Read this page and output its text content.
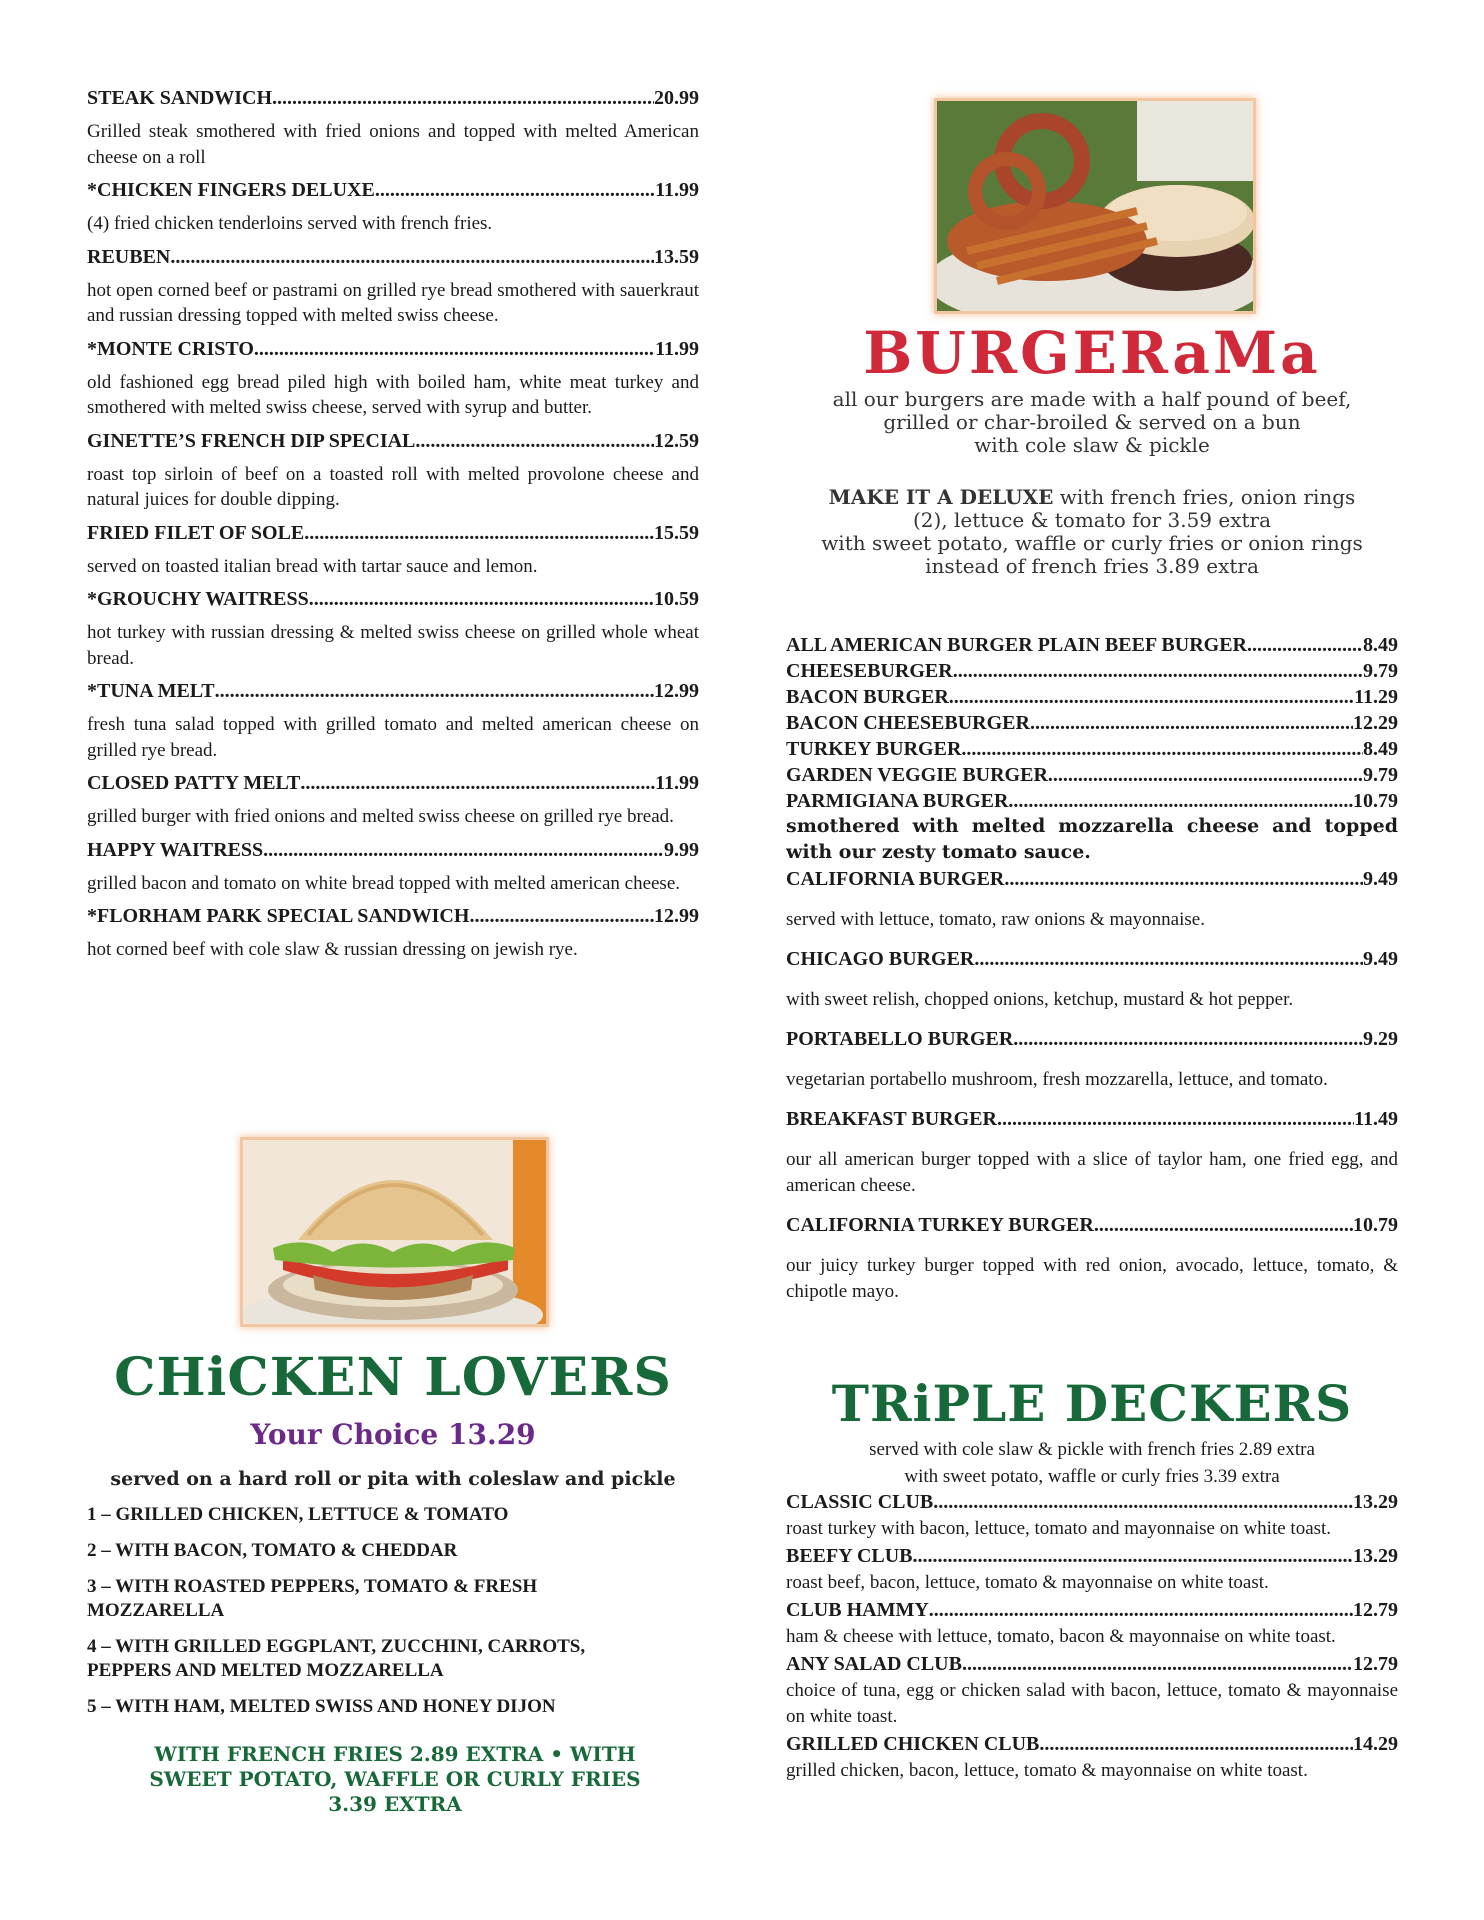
STEAK SANDWICH .....	20.99
Grilled steak smothered with fried onions and topped with melted American cheese on a roll
*CHICKEN FINGERS DELUXE .....	11.99
(4) fried chicken tenderloins served with french fries.
REUBEN .....	13.59
hot open corned beef or pastrami on grilled rye bread smothered with sauerkraut and russian dressing topped with melted swiss cheese.
*MONTE CRISTO .....	11.99
old fashioned egg bread piled high with boiled ham, white meat turkey and smothered with melted swiss cheese, served with syrup and butter.
GINETTE’S FRENCH DIP SPECIAL .....	12.59
roast top sirloin of beef on a toasted roll with melted provolone cheese and natural juices for double dipping.
FRIED FILET OF SOLE .....	15.59
served on toasted italian bread with tartar sauce and lemon.
*GROUCHY WAITRESS .....	10.59
hot turkey with russian dressing & melted swiss cheese on grilled whole wheat bread.
*TUNA MELT .....	12.99
fresh tuna salad topped with grilled tomato and melted american cheese on grilled rye bread.
CLOSED PATTY MELT .....	11.99
grilled burger with fried onions and melted swiss cheese on grilled rye bread.
HAPPY WAITRESS .....	9.99
grilled bacon and tomato on white bread topped with melted american cheese.
*FLORHAM PARK SPECIAL SANDWICH .....	12.99
hot corned beef with cole slaw & russian dressing on jewish rye.
CHiCKEN LOVERS
Your Choice 13.29
served on a hard roll or pita with coleslaw and pickle
1 – GRILLED CHICKEN, LETTUCE & TOMATO
2 – WITH BACON, TOMATO & CHEDDAR
3 – WITH ROASTED PEPPERS, TOMATO & FRESH MOZZARELLA
4 – WITH GRILLED EGGPLANT, ZUCCHINI, CARROTS, PEPPERS AND MELTED MOZZARELLA
5 – WITH HAM, MELTED SWISS AND HONEY DIJON
WITH FRENCH FRIES 2.89 EXTRA • WITH SWEET POTATO, WAFFLE OR CURLY FRIES 3.39 EXTRA
BURGERaMa
all our burgers are made with a half pound of beef,
grilled or char-broiled & served on a bun
with cole slaw & pickle
MAKE IT A DELUXE with french fries, onion rings
(2), lettuce & tomato for 3.59 extra
with sweet potato, waffle or curly fries or onion rings
instead of french fries 3.89 extra
ALL AMERICAN BURGER PLAIN BEEF BURGER .....	8.49
CHEESEBURGER .....	9.79
BACON BURGER .....	11.29
BACON CHEESEBURGER .....	12.29
TURKEY BURGER .....	8.49
GARDEN VEGGIE BURGER .....	9.79
PARMIGIANA BURGER .....	10.79
smothered with melted mozzarella cheese and topped with our zesty tomato sauce.
CALIFORNIA BURGER .....	9.49
served with lettuce, tomato, raw onions & mayonnaise.
CHICAGO BURGER .....	9.49
with sweet relish, chopped onions, ketchup, mustard & hot pepper.
PORTABELLO BURGER .....	9.29
vegetarian portabello mushroom, fresh mozzarella, lettuce, and tomato.
BREAKFAST BURGER .....	11.49
our all american burger topped with a slice of taylor ham, one fried egg, and american cheese.
CALIFORNIA TURKEY BURGER .....	10.79
our juicy turkey burger topped with red onion, avocado, lettuce, tomato, & chipotle mayo.
TRiPLE DECKERS
served with cole slaw & pickle with french fries 2.89 extra
with sweet potato, waffle or curly fries 3.39 extra
CLASSIC CLUB .....	13.29
roast turkey with bacon, lettuce, tomato and mayonnaise on white toast.
BEEFY CLUB .....	13.29
roast beef, bacon, lettuce, tomato & mayonnaise on white toast.
CLUB HAMMY .....	12.79
ham & cheese with lettuce, tomato, bacon & mayonnaise on white toast.
ANY SALAD CLUB .....	12.79
choice of tuna, egg or chicken salad with bacon, lettuce, tomato & mayonnaise on white toast.
GRILLED CHICKEN CLUB .....	14.29
grilled chicken, bacon, lettuce, tomato & mayonnaise on white toast.
